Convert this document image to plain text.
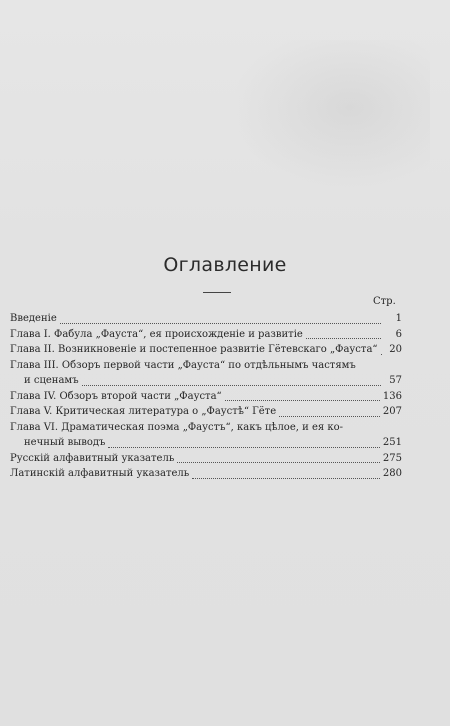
Оглавление
Стр.
Введеніе	1
Глава I. Фабула „Фауста“, ея происхожденіе и развитіе	6
Глава II. Возникновеніе и постепенное развитіе Гётевскаго „Фауста“	20
Глава III. Обзоръ первой части „Фауста“ по отдѣльнымъ частямъ
и сценамъ	57
Глава IV. Обзоръ второй части „Фауста“	136
Глава V. Критическая литература о „Фаустѣ“ Гёте	207
Глава VI. Драматическая поэма „Фаустъ“, какъ цѣлое, и ея ко-
нечный выводъ	251
Русскій алфавитный указатель	275
Латинскій алфавитный указатель	280
